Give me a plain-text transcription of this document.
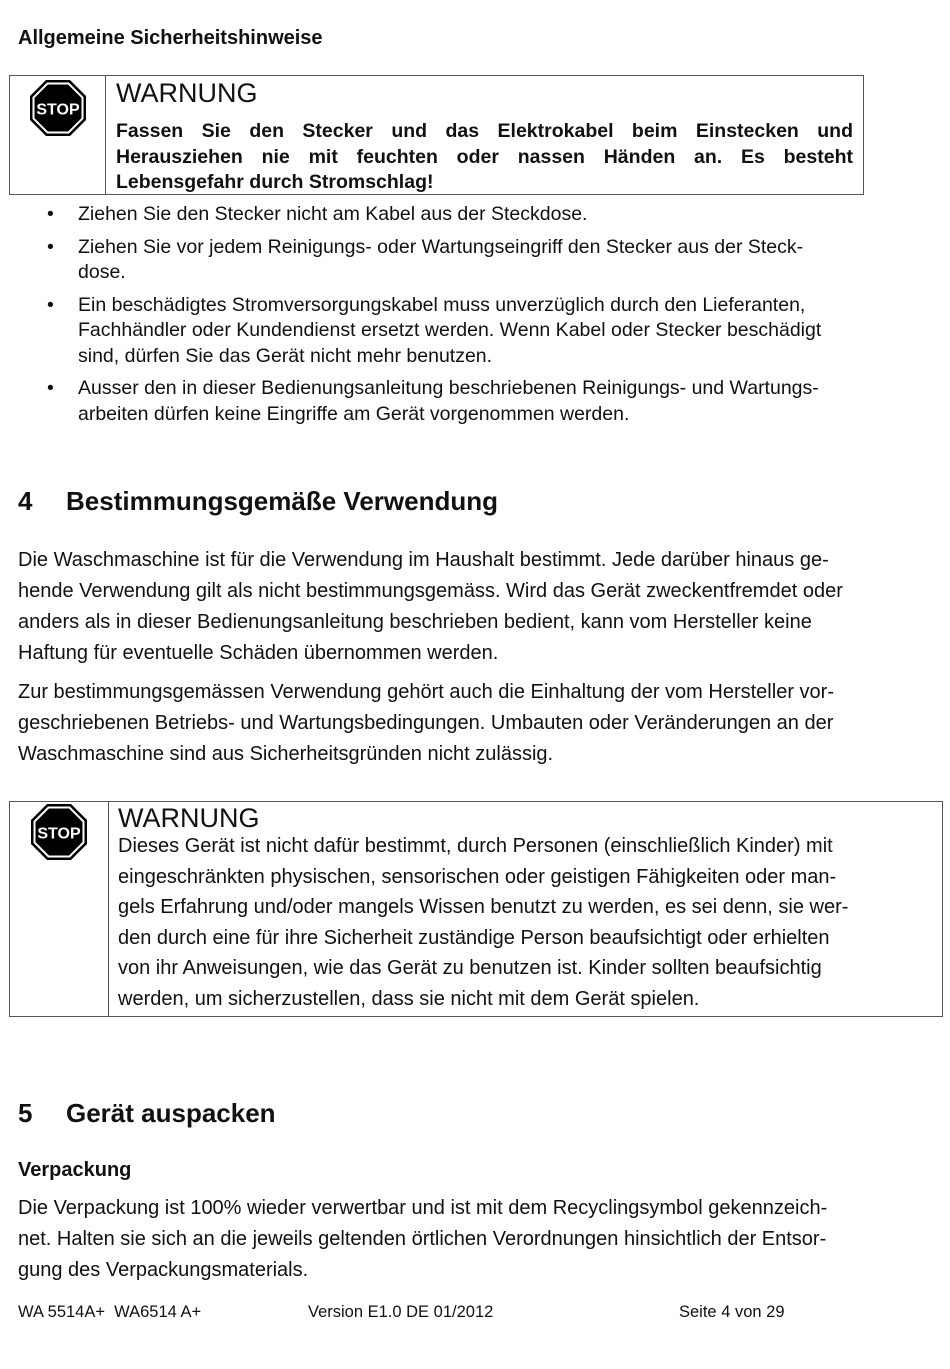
Allgemeine Sicherheitshinweise
STOP
WARNUNG
Fassen Sie den Stecker und das Elektrokabel beim Einstecken und
Herausziehen nie mit feuchten oder nassen Händen an. Es besteht
Lebensgefahr durch Stromschlag!
• Ziehen Sie den Stecker nicht am Kabel aus der Steckdose.
• Ziehen Sie vor jedem Reinigungs- oder Wartungseingriff den Stecker aus der Steck-
dose.
• Ein beschädigtes Stromversorgungskabel muss unverzüglich durch den Lieferanten,
Fachhändler oder Kundendienst ersetzt werden. Wenn Kabel oder Stecker beschädigt
sind, dürfen Sie das Gerät nicht mehr benutzen.
• Ausser den in dieser Bedienungsanleitung beschriebenen Reinigungs- und Wartungs-
arbeiten dürfen keine Eingriffe am Gerät vorgenommen werden.
4 Bestimmungsgemäße Verwendung
Die Waschmaschine ist für die Verwendung im Haushalt bestimmt. Jede darüber hinaus ge-
hende Verwendung gilt als nicht bestimmungsgemäss. Wird das Gerät zweckentfremdet oder
anders als in dieser Bedienungsanleitung beschrieben bedient, kann vom Hersteller keine
Haftung für eventuelle Schäden übernommen werden.
Zur bestimmungsgemässen Verwendung gehört auch die Einhaltung der vom Hersteller vor-
geschriebenen Betriebs- und Wartungsbedingungen. Umbauten oder Veränderungen an der
Waschmaschine sind aus Sicherheitsgründen nicht zulässig.
STOP
WARNUNG
Dieses Gerät ist nicht dafür bestimmt, durch Personen (einschließlich Kinder) mit
eingeschränkten physischen, sensorischen oder geistigen Fähigkeiten oder man-
gels Erfahrung und/oder mangels Wissen benutzt zu werden, es sei denn, sie wer-
den durch eine für ihre Sicherheit zuständige Person beaufsichtigt oder erhielten
von ihr Anweisungen, wie das Gerät zu benutzen ist. Kinder sollten beaufsichtig
werden, um sicherzustellen, dass sie nicht mit dem Gerät spielen.
5 Gerät auspacken
Verpackung
Die Verpackung ist 100% wieder verwertbar und ist mit dem Recyclingsymbol gekennzeich-
net. Halten sie sich an die jeweils geltenden örtlichen Verordnungen hinsichtlich der Entsor-
gung des Verpackungsmaterials.
WA 5514A+  WA6514 A+	Version E1.0 DE 01/2012	Seite 4 von 29
